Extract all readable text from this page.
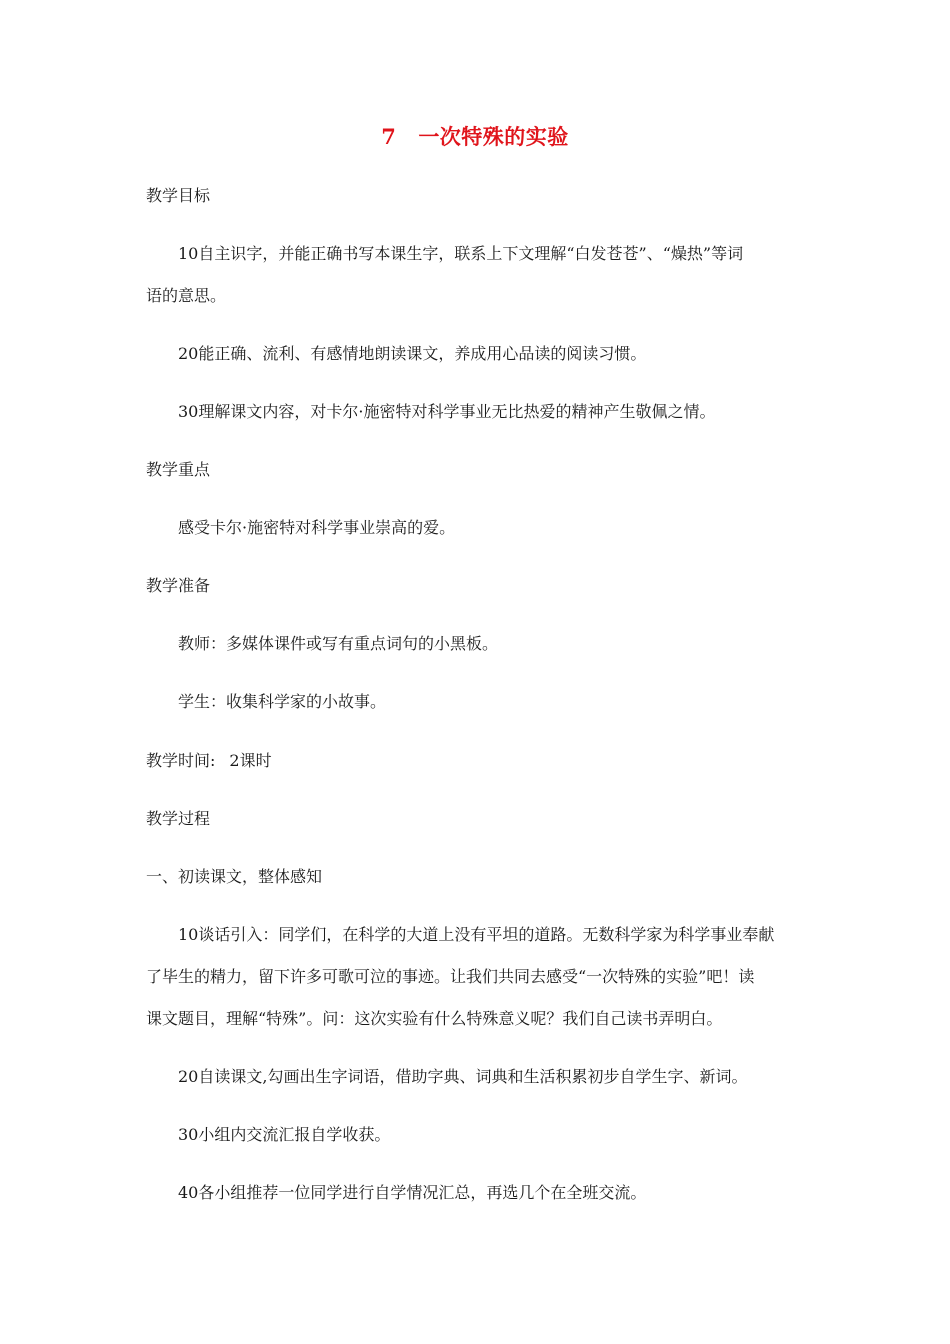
7 一次特殊的实验
教学目标
10自主识字，并能正确书写本课生字，联系上下文理解“白发苍苍”、“燥热”等词
语的意思。
20能正确、流利、有感情地朗读课文，养成用心品读的阅读习惯。
30理解课文内容，对卡尔·施密特对科学事业无比热爱的精神产生敬佩之情。
教学重点
感受卡尔·施密特对科学事业崇高的爱。
教学准备
教师：多媒体课件或写有重点词句的小黑板。
学生：收集科学家的小故事。
教学时间: 2课时
教学过程
一、初读课文，整体感知
10谈话引入：同学们，在科学的大道上没有平坦的道路。无数科学家为科学事业奉献
了毕生的精力，留下许多可歌可泣的事迹。让我们共同去感受“一次特殊的实验”吧！读
课文题目，理解“特殊”。问：这次实验有什么特殊意义呢？我们自己读书弄明白。
20自读课文,勾画出生字词语，借助字典、词典和生活积累初步自学生字、新词。
30小组内交流汇报自学收获。
40各小组推荐一位同学进行自学情况汇总，再选几个在全班交流。
